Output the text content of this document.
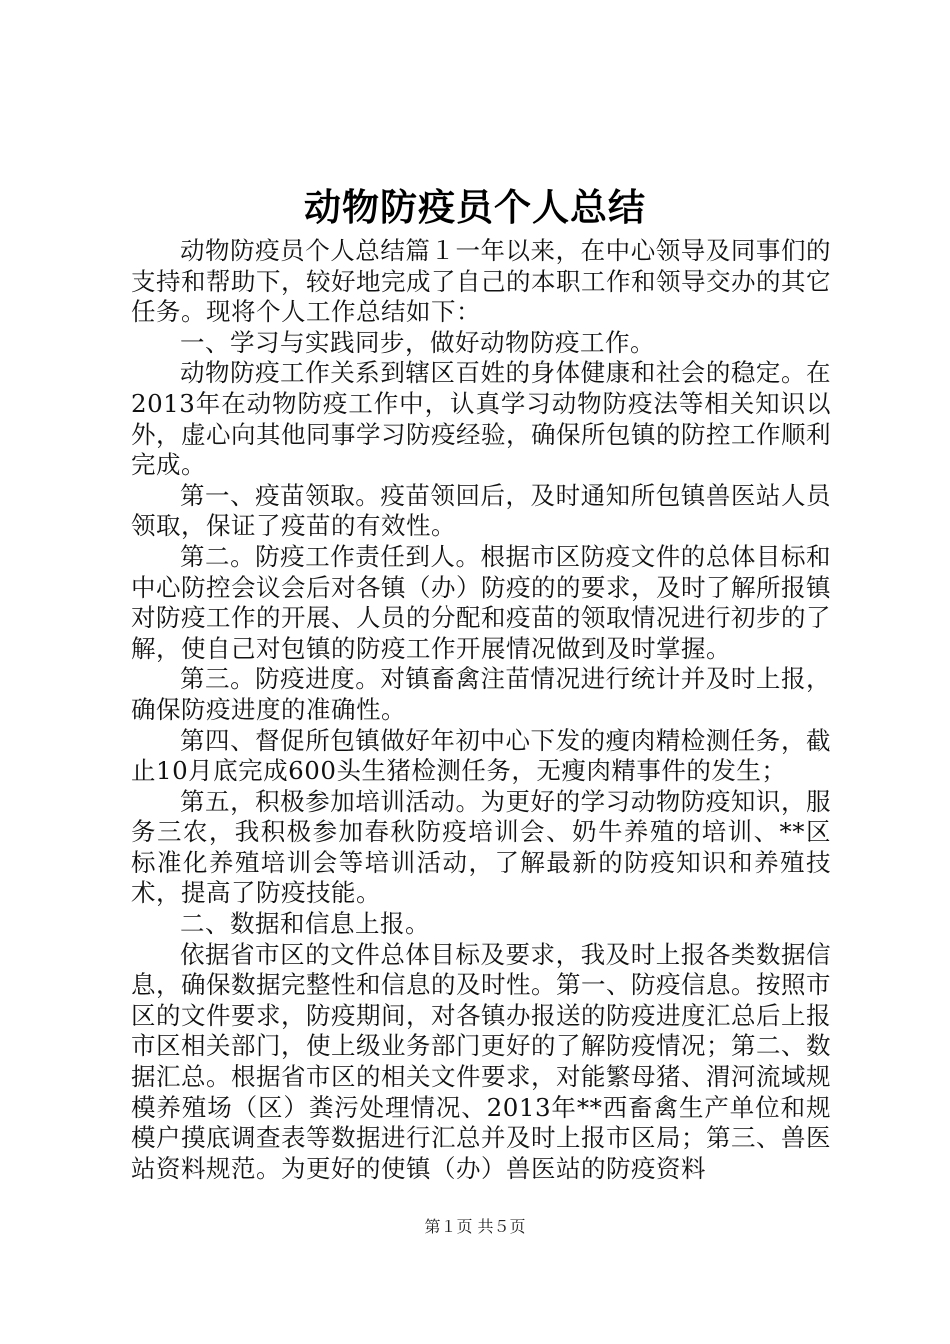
动物防疫员个人总结

动物防疫员个人总结篇１一年以来，在中心领导及同事们的支持和帮助下，较好地完成了自己的本职工作和领导交办的其它任务。现将个人工作总结如下：

一、学习与实践同步，做好动物防疫工作。

动物防疫工作关系到辖区百姓的身体健康和社会的稳定。在2013年在动物防疫工作中，认真学习动物防疫法等相关知识以外，虚心向其他同事学习防疫经验，确保所包镇的防控工作顺利完成。

第一、疫苗领取。疫苗领回后，及时通知所包镇兽医站人员领取，保证了疫苗的有效性。

第二。防疫工作责任到人。根据市区防疫文件的总体目标和中心防控会议会后对各镇（办）防疫的的要求，及时了解所报镇对防疫工作的开展、人员的分配和疫苗的领取情况进行初步的了解，使自己对包镇的防疫工作开展情况做到及时掌握。

第三。防疫进度。对镇畜禽注苗情况进行统计并及时上报，确保防疫进度的准确性。

第四、督促所包镇做好年初中心下发的瘦肉精检测任务，截止10月底完成600头生猪检测任务，无瘦肉精事件的发生；

第五，积极参加培训活动。为更好的学习动物防疫知识，服务三农，我积极参加春秋防疫培训会、奶牛养殖的培训、**区标准化养殖培训会等培训活动，了解最新的防疫知识和养殖技术，提高了防疫技能。

二、数据和信息上报。

依据省市区的文件总体目标及要求，我及时上报各类数据信息，确保数据完整性和信息的及时性。第一、防疫信息。按照市区的文件要求，防疫期间，对各镇办报送的防疫进度汇总后上报市区相关部门，使上级业务部门更好的了解防疫情况；第二、数据汇总。根据省市区的相关文件要求，对能繁母猪、渭河流域规模养殖场（区）粪污处理情况、2013年**西畜禽生产单位和规模户摸底调查表等数据进行汇总并及时上报市区局；第三、兽医站资料规范。为更好的使镇（办）兽医站的防疫资料

第１页 共５页
